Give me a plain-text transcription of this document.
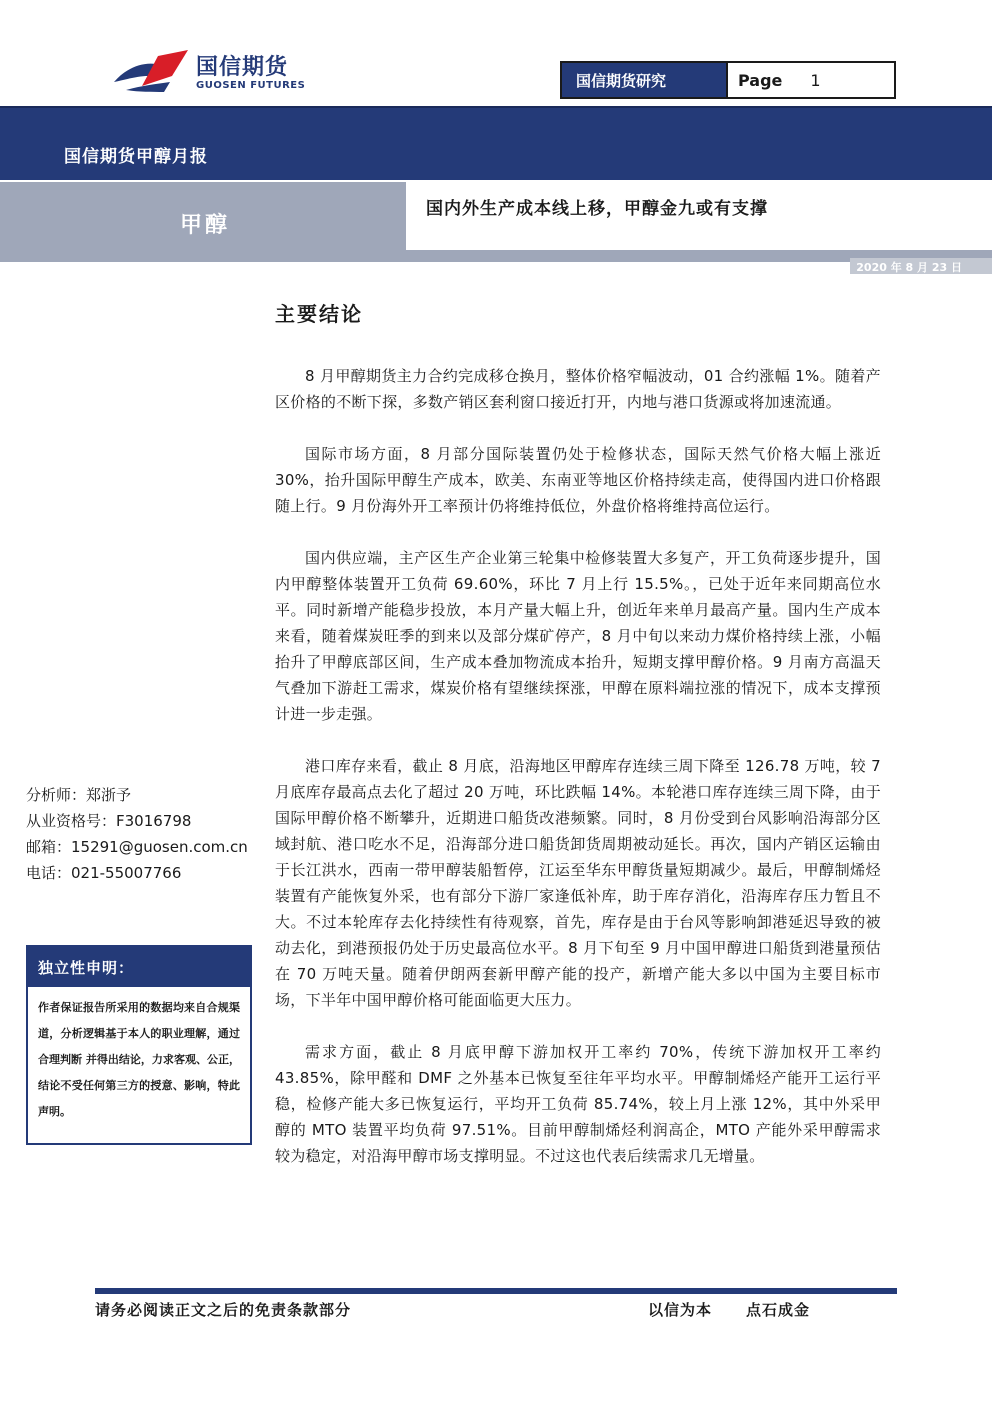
国信期货
GUOSEN FUTURES	国信期货研究	Page 1
国信期货甲醇月报
甲醇
国内外生产成本线上移，甲醇金九或有支撑
2020 年 8 月 23 日
主要结论

8 月甲醇期货主力合约完成移仓换月，整体价格窄幅波动，01 合约涨幅 1%。随着产区价格的不断下探，多数产销区套利窗口接近打开，内地与港口货源或将加速流通。

国际市场方面，8 月部分国际装置仍处于检修状态，国际天然气价格大幅上涨近 30%，抬升国际甲醇生产成本，欧美、东南亚等地区价格持续走高，使得国内进口价格跟随上行。9 月份海外开工率预计仍将维持低位，外盘价格将维持高位运行。

国内供应端，主产区生产企业第三轮集中检修装置大多复产，开工负荷逐步提升，国内甲醇整体装置开工负荷 69.60%，环比 7 月上行 15.5%。，已处于近年来同期高位水平。同时新增产能稳步投放，本月产量大幅上升，创近年来单月最高产量。国内生产成本来看，随着煤炭旺季的到来以及部分煤矿停产，8 月中旬以来动力煤价格持续上涨，小幅抬升了甲醇底部区间，生产成本叠加物流成本抬升，短期支撑甲醇价格。9 月南方高温天气叠加下游赶工需求，煤炭价格有望继续探涨，甲醇在原料端拉涨的情况下，成本支撑预计进一步走强。

港口库存来看，截止 8 月底，沿海地区甲醇库存连续三周下降至 126.78 万吨，较 7 月底库存最高点去化了超过 20 万吨，环比跌幅 14%。本轮港口库存连续三周下降，由于国际甲醇价格不断攀升，近期进口船货改港频繁。同时，8 月份受到台风影响沿海部分区域封航、港口吃水不足，沿海部分进口船货卸货周期被动延长。再次，国内产销区运输由于长江洪水，西南一带甲醇装船暂停，江运至华东甲醇货量短期减少。最后，甲醇制烯烃装置有产能恢复外采，也有部分下游厂家逢低补库，助于库存消化，沿海库存压力暂且不大。不过本轮库存去化持续性有待观察，首先，库存是由于台风等影响卸港延迟导致的被动去化，到港预报仍处于历史最高位水平。8 月下旬至 9 月中国甲醇进口船货到港量预估在 70 万吨天量。随着伊朗两套新甲醇产能的投产，新增产能大多以中国为主要目标市场，下半年中国甲醇价格可能面临更大压力。

需求方面，截止 8 月底甲醇下游加权开工率约 70%，传统下游加权开工率约 43.85%，除甲醛和 DMF 之外基本已恢复至往年平均水平。甲醇制烯烃产能开工运行平稳，检修产能大多已恢复运行，平均开工负荷 85.74%，较上月上涨 12%，其中外采甲醇的 MTO 装置平均负荷 97.51%。目前甲醇制烯烃利润高企，MTO 产能外采甲醇需求较为稳定，对沿海甲醇市场支撑明显。不过这也代表后续需求几无增量。

分析师：郑浙予
从业资格号：F3016798
邮箱：15291@guosen.com.cn
电话：021-55007766
独立性申明：
作者保证报告所采用的数据均来自合规渠道，分析逻辑基于本人的职业理解，通过合理判断 并得出结论，力求客观、公正，结论不受任何第三方的授意、影响，特此声明。
请务必阅读正文之后的免责条款部分	以信为本 点石成金
